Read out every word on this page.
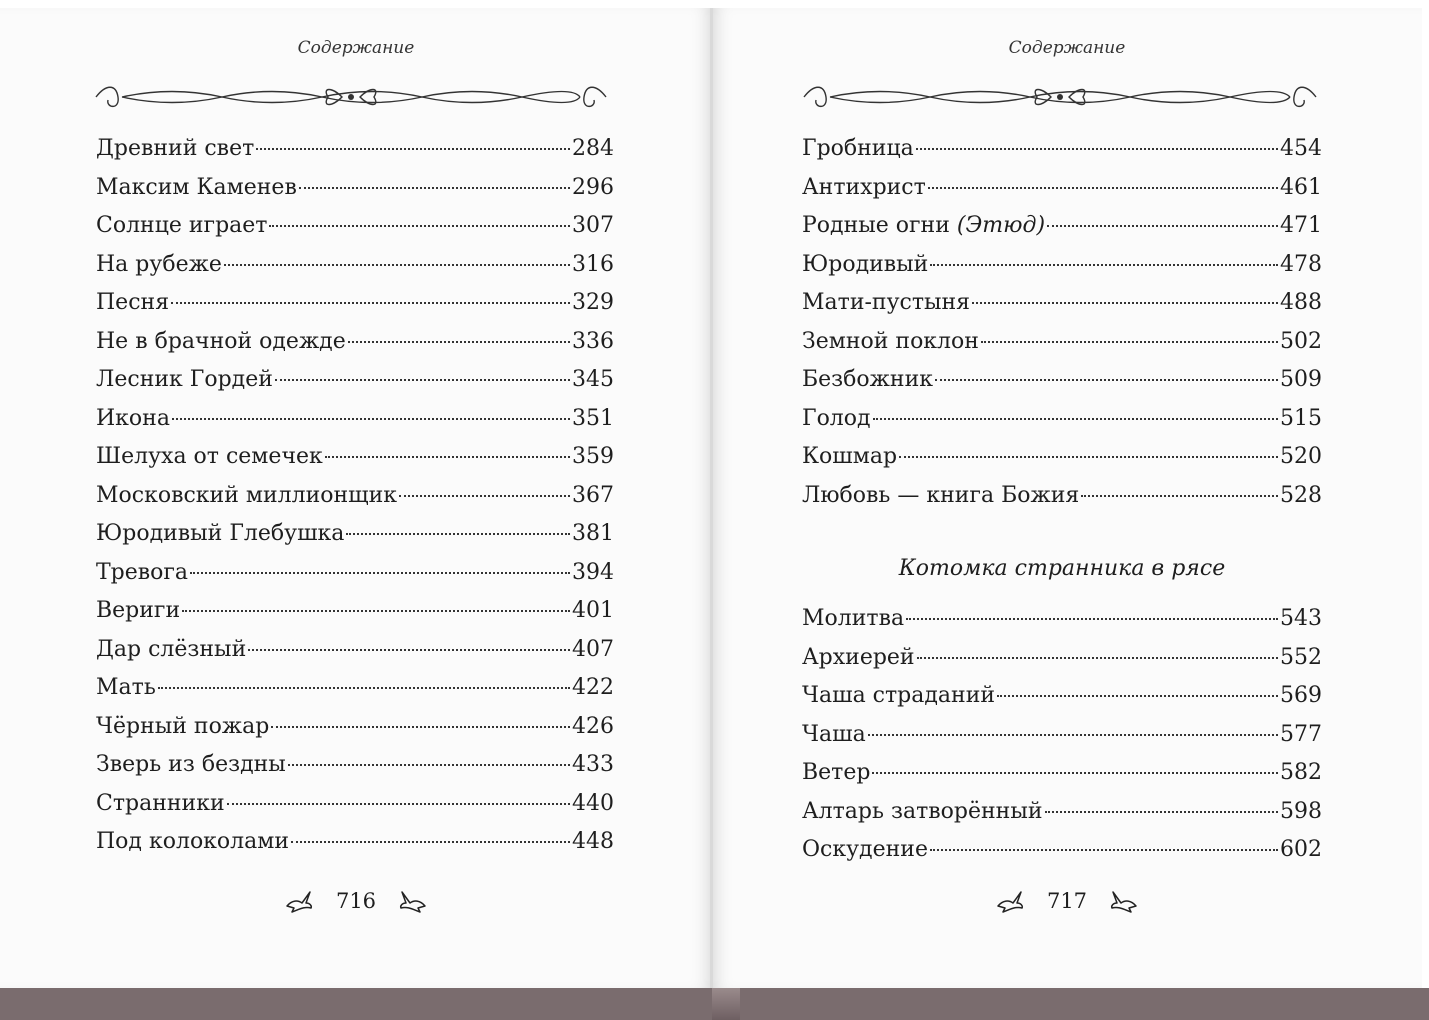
Содержание
Древний свет	284
Максим Каменев	296
Солнце играет	307
На рубеже	316
Песня	329
Не в брачной одежде	336
Лесник Гордей	345
Икона	351
Шелуха от семечек	359
Московский миллионщик	367
Юродивый Глебушка	381
Тревога	394
Вериги	401
Дар слёзный	407
Мать	422
Чёрный пожар	426
Зверь из бездны	433
Странники	440
Под колоколами	448
716
Содержание
Гробница	454
Антихрист	461
Родные огни (Этюд)	471
Юродивый	478
Мати-пустыня	488
Земной поклон	502
Безбожник	509
Голод	515
Кошмар	520
Любовь — книга Божия	528
Котомка странника в рясе
Молитва	543
Архиерей	552
Чаша страданий	569
Чаша	577
Ветер	582
Алтарь затворённый	598
Оскудение	602
717
